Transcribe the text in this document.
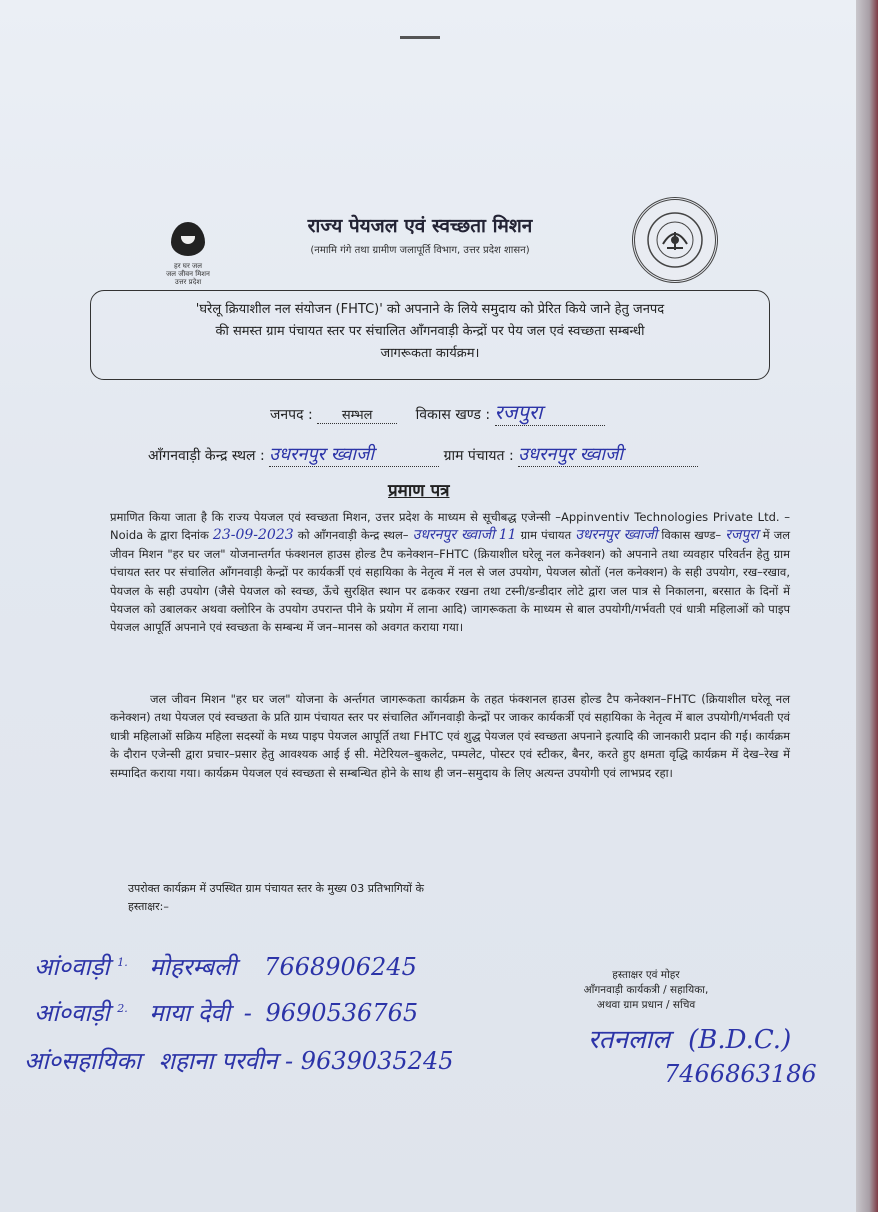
हर घर जल
जल जीवन मिशन
उत्तर प्रदेश
राज्य पेयजल एवं स्वच्छता मिशन
(नमामि गंगे तथा ग्रामीण जलापूर्ति विभाग, उत्तर प्रदेश शासन)
'घरेलू क्रियाशील नल संयोजन (FHTC)' को अपनाने के लिये समुदाय को प्रेरित किये जाने हेतु जनपद
की समस्त ग्राम पंचायत स्तर पर संचालित आँगनवाड़ी केन्द्रों पर पेय जल एवं स्वच्छता सम्बन्धी
जागरूकता कार्यक्रम।
जनपद : सम्भल	विकास खण्ड : रजपुरा
आँगनवाड़ी केन्द्र स्थल : उधरनपुर ख्वाजी	ग्राम पंचायत : उधरनपुर ख्वाजी
प्रमाण पत्र
प्रमाणित किया जाता है कि राज्य पेयजल एवं स्वच्छता मिशन, उत्तर प्रदेश के माध्यम से सूचीबद्ध एजेन्सी –Appinventiv Technologies Private Ltd. – Noida के द्वारा दिनांक 23-09-2023 को आँगनवाड़ी केन्द्र स्थल– उधरनपुर ख्वाजी 11 ग्राम पंचायत उधरनपुर ख्वाजी विकास खण्ड– रजपुरा में जल जीवन मिशन "हर घर जल" योजनान्तर्गत फंक्शनल हाउस होल्ड टैप कनेक्शन–FHTC (क्रियाशील घरेलू नल कनेक्शन) को अपनाने तथा व्यवहार परिवर्तन हेतु ग्राम पंचायत स्तर पर संचालित आँगनवाड़ी केन्द्रों पर कार्यकर्त्री एवं सहायिका के नेतृत्व में नल से जल उपयोग, पेयजल स्रोतों (नल कनेक्शन) के सही उपयोग, रख–रखाव, पेयजल के सही उपयोग (जैसे पेयजल को स्वच्छ, ऊँचे सुरक्षित स्थान पर ढककर रखना तथा टस्नी/डन्डीदार लोटे द्वारा जल पात्र से निकालना, बरसात के दिनों में पेयजल को उबालकर अथवा क्लोरिन के उपयोग उपरान्त पीने के प्रयोग में लाना आदि) जागरूकता के माध्यम से बाल उपयोगी/गर्भवती एवं धात्री महिलाओं को पाइप पेयजल आपूर्ति अपनाने एवं स्वच्छता के सम्बन्ध में जन–मानस को अवगत कराया गया।
जल जीवन मिशन "हर घर जल" योजना के अर्न्तगत जागरूकता कार्यक्रम के तहत फंक्शनल हाउस होल्ड टैप कनेक्शन–FHTC (क्रियाशील घरेलू नल कनेक्शन) तथा पेयजल एवं स्वच्छता के प्रति ग्राम पंचायत स्तर पर संचालित आँगनवाड़ी केन्द्रों पर जाकर कार्यकर्त्री एवं सहायिका के नेतृत्व में बाल उपयोगी/गर्भवती एवं धात्री महिलाओं सक्रिय महिला सदस्यों के मध्य पाइप पेयजल आपूर्ति तथा FHTC एवं शुद्ध पेयजल एवं स्वच्छता अपनाने इत्यादि की जानकारी प्रदान की गई। कार्यक्रम के दौरान एजेन्सी द्वारा प्रचार–प्रसार हेतु आवश्यक आई ई सी. मेटेरियल–बुकलेट, पम्पलेट, पोस्टर एवं स्टीकर, बैनर, करते हुए क्षमता वृद्धि कार्यक्रम में देख–रेख में सम्पादित कराया गया। कार्यक्रम पेयजल एवं स्वच्छता से सम्बन्धित होने के साथ ही जन–समुदाय के लिए अत्यन्त उपयोगी एवं लाभप्रद रहा।
उपरोक्त कार्यक्रम में उपस्थित ग्राम पंचायत स्तर के मुख्य 03 प्रतिभागियों के
हस्ताक्षर:–
आं०वाड़ी $^{1.}$ मोहरम्बली 7668906245
आं०वाड़ी $^{2.}$ माया देवी - 9690536765
आं०सहायिका शहाना परवीन - 9639035245
हस्ताक्षर एवं मोहर
आँगनवाड़ी कार्यकत्री / सहायिका,
अथवा ग्राम प्रधान / सचिव
रतनलाल (B.D.C.)
7466863186
